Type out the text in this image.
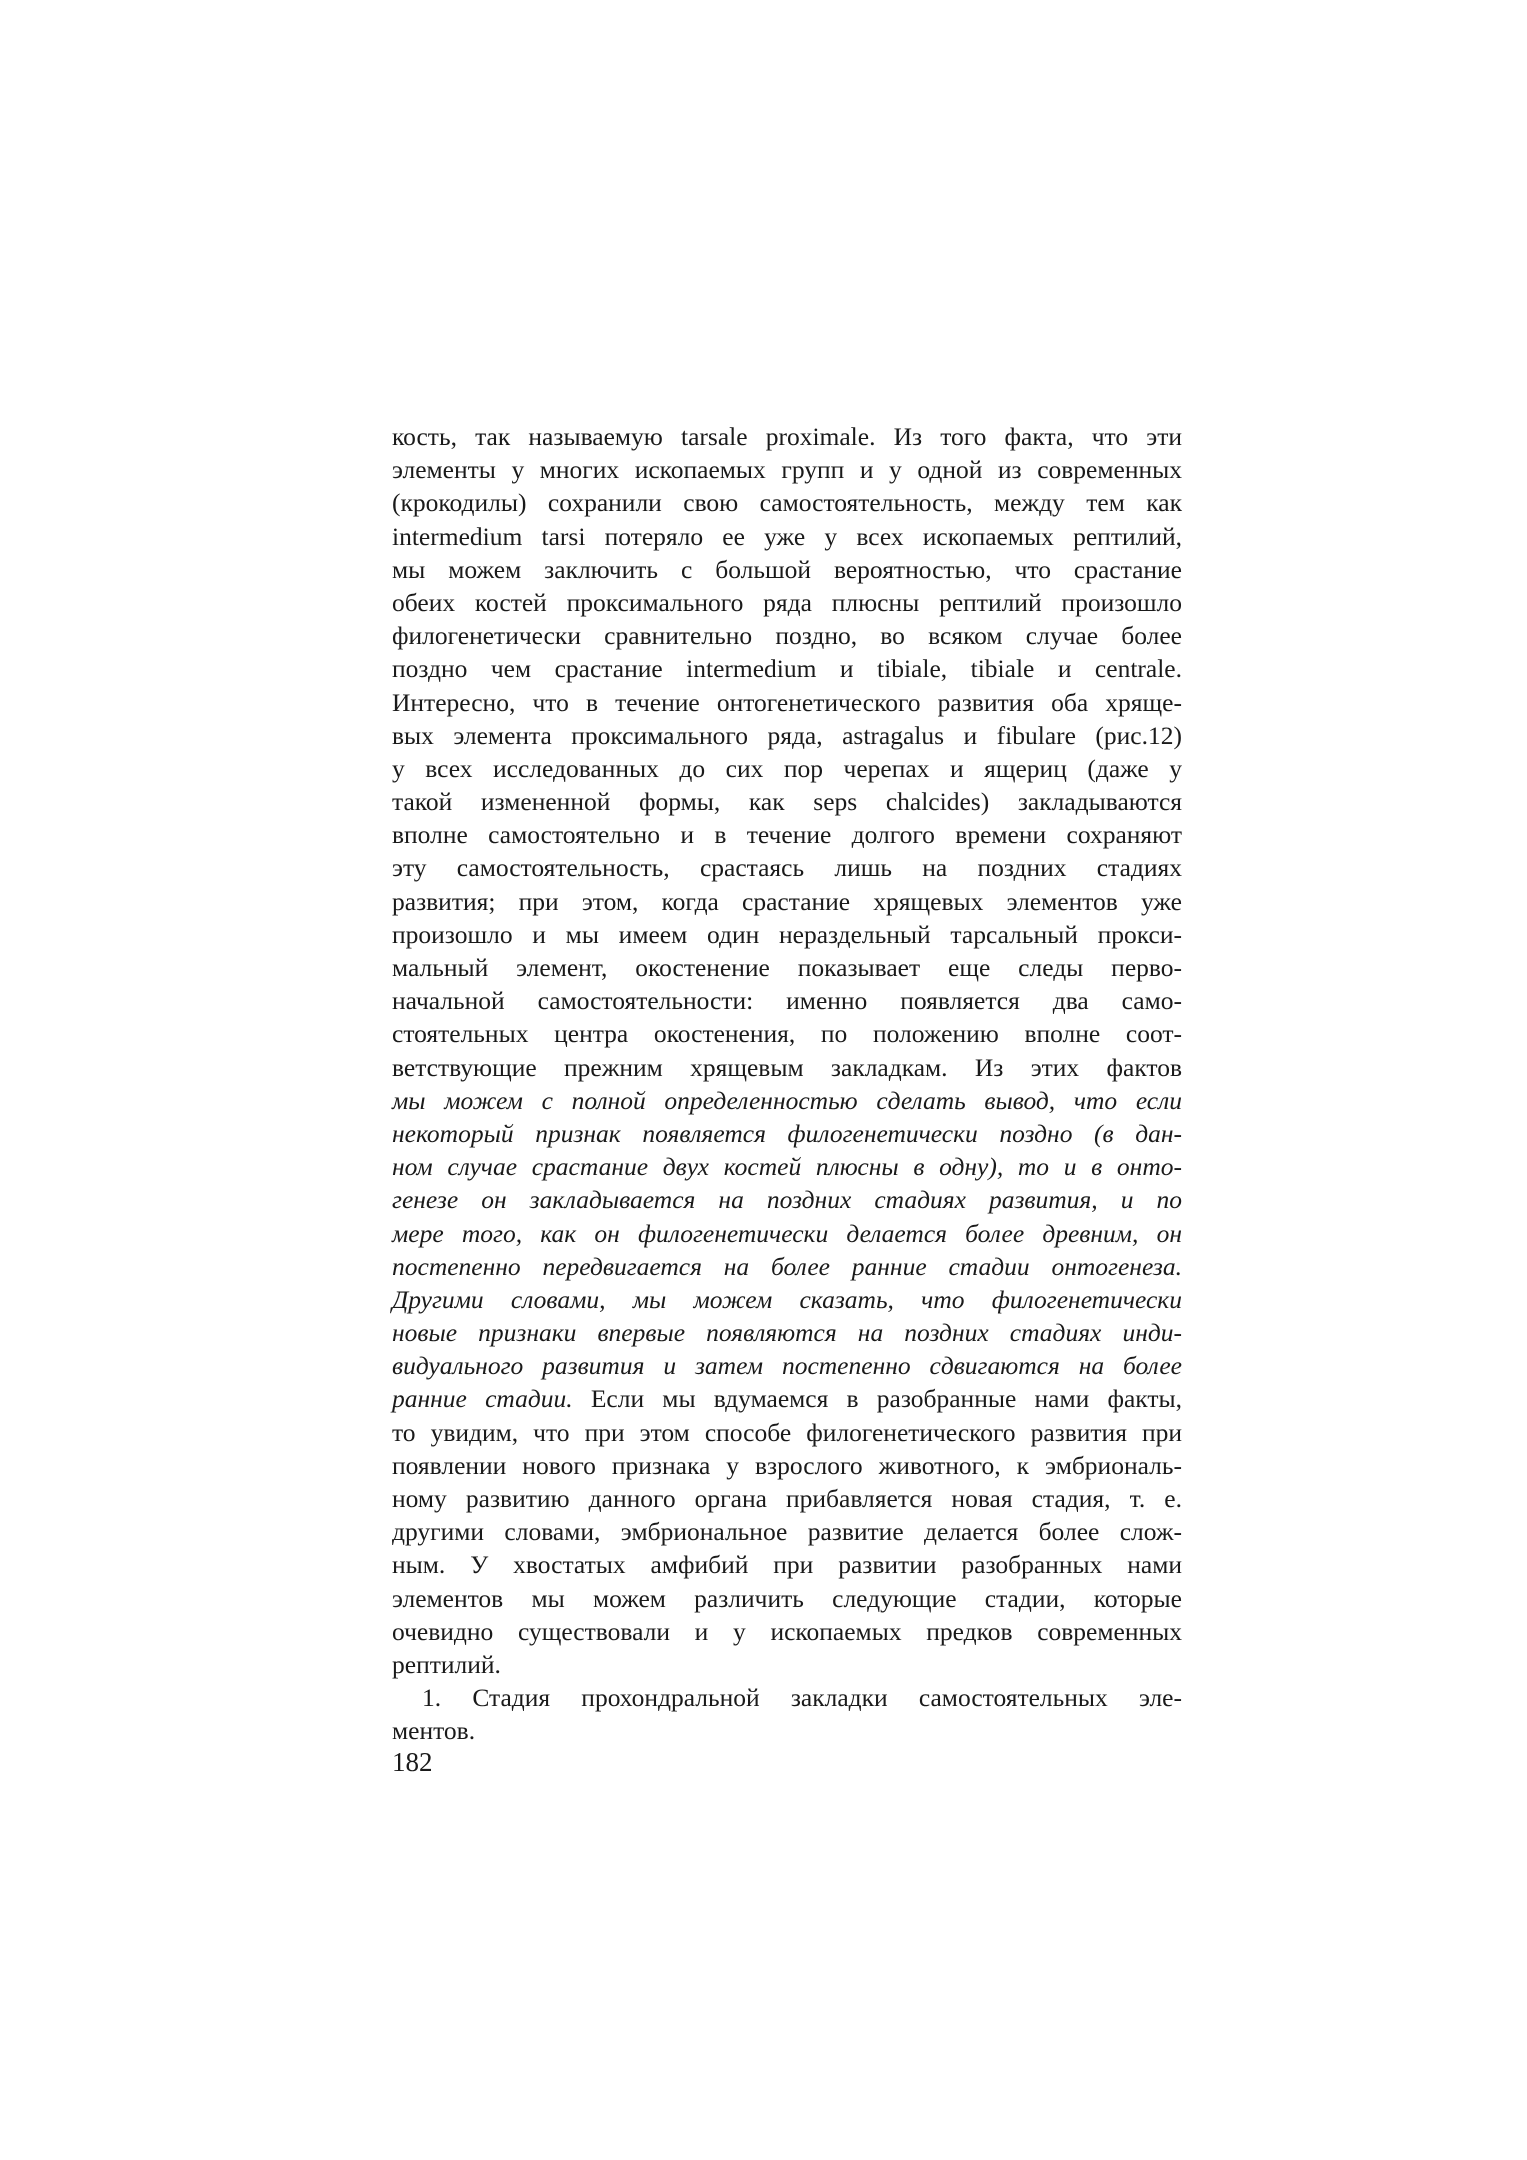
кость, так называемую tarsale proximale. Из того факта, что эти
элементы у многих ископаемых групп и у одной из современных
(крокодилы) сохранили свою самостоятельность, между тем как
intermedium tarsi потеряло ее уже у всех ископаемых рептилий,
мы можем заключить с большой вероятностью, что срастание
обеих костей проксимального ряда плюсны рептилий произошло
филогенетически сравнительно поздно, во всяком случае более
поздно чем срастание intermedium и tibiale, tibiale и centrale.
Интересно, что в течение онтогенетического развития оба хряще-
вых элемента проксимального ряда, astragalus и fibulare (рис.12)
у всех исследованных до сих пор черепах и ящериц (даже у
такой измененной формы, как seps chalcides) закладываются
вполне самостоятельно и в течение долгого времени сохраняют
эту самостоятельность, срастаясь лишь на поздних стадиях
развития; при этом, когда срастание хрящевых элементов уже
произошло и мы имеем один нераздельный тарсальный прокси-
мальный элемент, окостенение показывает еще следы перво-
начальной самостоятельности: именно появляется два само-
стоятельных центра окостенения, по положению вполне соот-
ветствующие прежним хрящевым закладкам. Из этих фактов
мы можем с полной определенностью сделать вывод, что если
некоторый признак появляется филогенетически поздно (в дан-
ном случае срастание двух костей плюсны в одну), то и в онто-
генезе он закладывается на поздних стадиях развития, и по
мере того, как он филогенетически делается более древним, он
постепенно передвигается на более ранние стадии онтогенеза.
Другими словами, мы можем сказать, что филогенетически
новые признаки впервые появляются на поздних стадиях инди-
видуального развития и затем постепенно сдвигаются на более
ранние стадии. Если мы вдумаемся в разобранные нами факты,
то увидим, что при этом способе филогенетического развития при
появлении нового признака у взрослого животного, к эмбриональ-
ному развитию данного органа прибавляется новая стадия, т. е.
другими словами, эмбриональное развитие делается более слож-
ным. У хвостатых амфибий при развитии разобранных нами
элементов мы можем различить следующие стадии, которые
очевидно существовали и у ископаемых предков современных
рептилий.
1. Стадия прохондральной закладки самостоятельных эле-
ментов.
182
